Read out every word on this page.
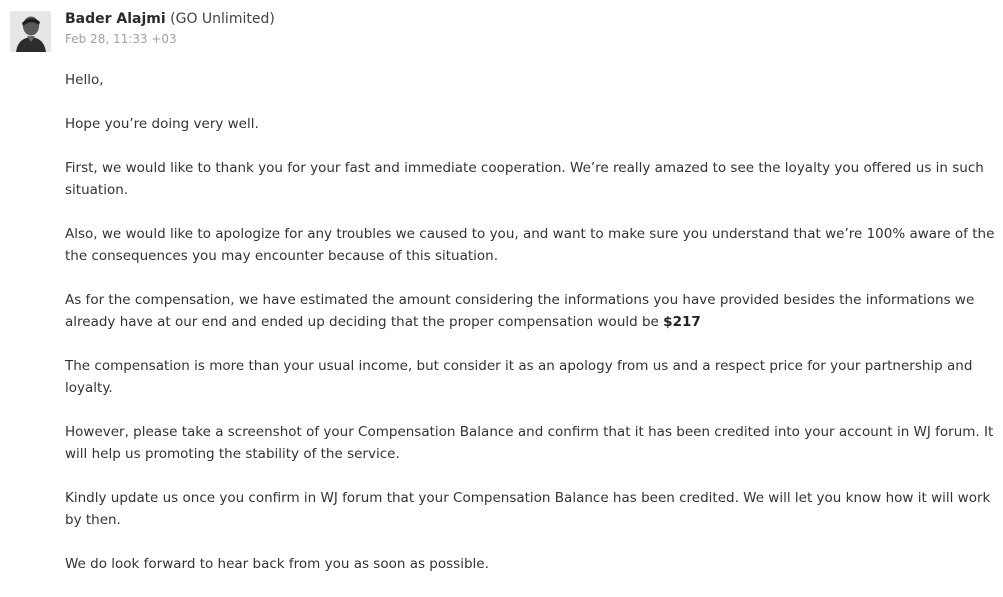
Bader Alajmi (GO Unlimited)
Feb 28, 11:33 +03

Hello,

Hope you’re doing very well.

First, we would like to thank you for your fast and immediate cooperation. We’re really amazed to see the loyalty you offered us in such situation.

Also, we would like to apologize for any troubles we caused to you, and want to make sure you understand that we’re 100% aware of the the consequences you may encounter because of this situation.

As for the compensation, we have estimated the amount considering the informations you have provided besides the informations we already have at our end and ended up deciding that the proper compensation would be $217

The compensation is more than your usual income, but consider it as an apology from us and a respect price for your partnership and loyalty.

However, please take a screenshot of your Compensation Balance and confirm that it has been credited into your account in WJ forum. It will help us promoting the stability of the service.

Kindly update us once you confirm in WJ forum that your Compensation Balance has been credited. We will let you know how it will work by then.

We do look forward to hear back from you as soon as possible.
